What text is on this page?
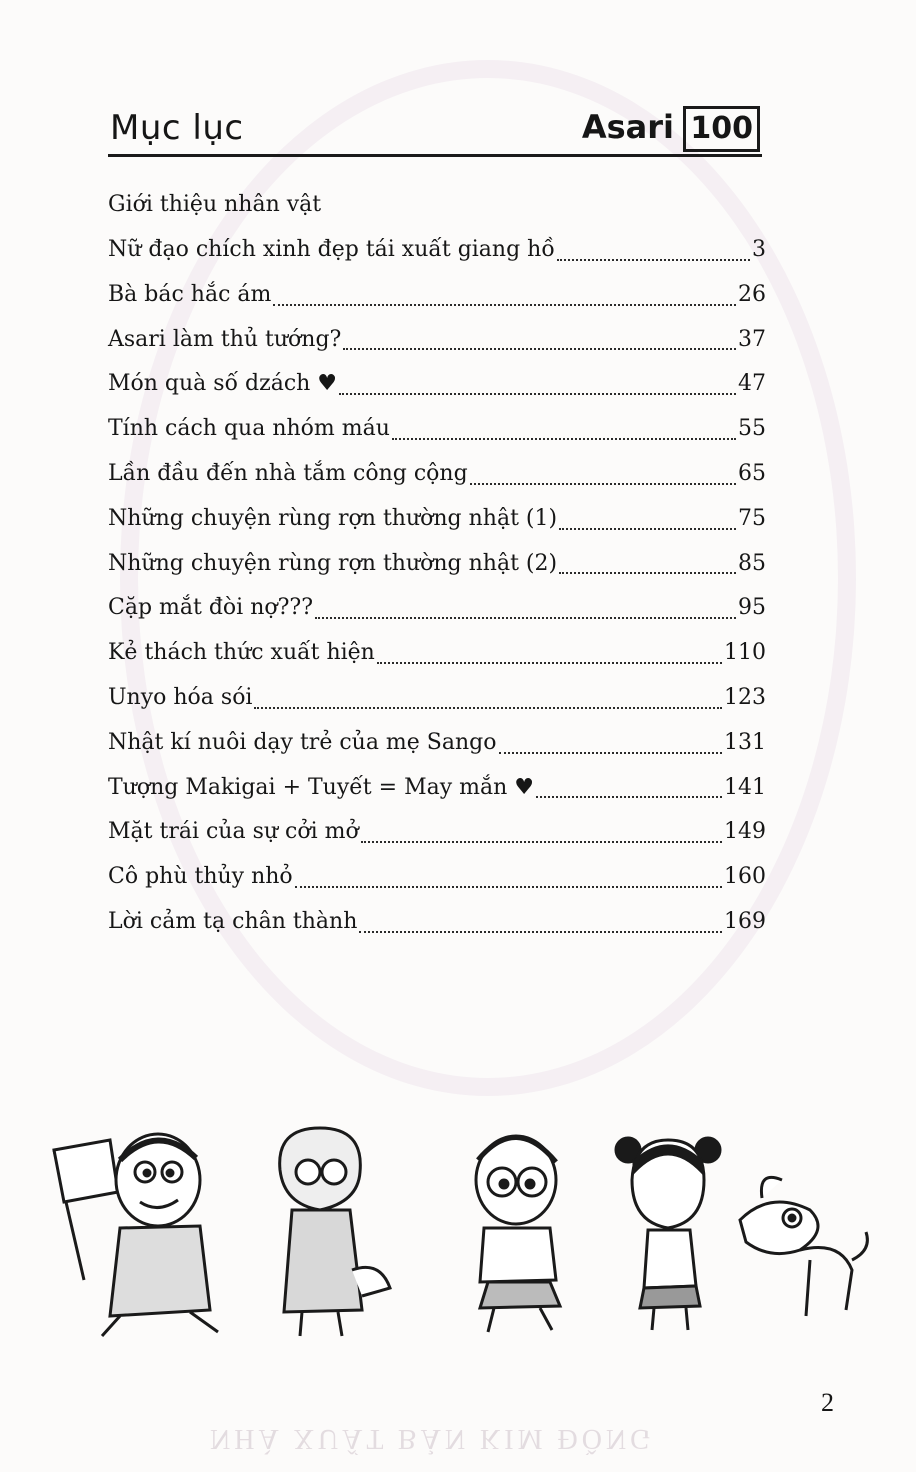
Mục lục	Asari 100
Giới thiệu nhân vật
Nữ đạo chích xinh đẹp tái xuất giang hồ	3
Bà bác hắc ám	26
Asari làm thủ tướng?	37
Món quà số dzách ♥	47
Tính cách qua nhóm máu	55
Lần đầu đến nhà tắm công cộng	65
Những chuyện rùng rợn thường nhật (1)	75
Những chuyện rùng rợn thường nhật (2)	85
Cặp mắt đòi nợ???	95
Kẻ thách thức xuất hiện	110
Unyo hóa sói	123
Nhật kí nuôi dạy trẻ của mẹ Sango	131
Tượng Makigai + Tuyết = May mắn ♥	141
Mặt trái của sự cởi mở	149
Cô phù thủy nhỏ	160
Lời cảm tạ chân thành	169
2
NHÀ XUẤT BẢN KIM ĐỒNG
